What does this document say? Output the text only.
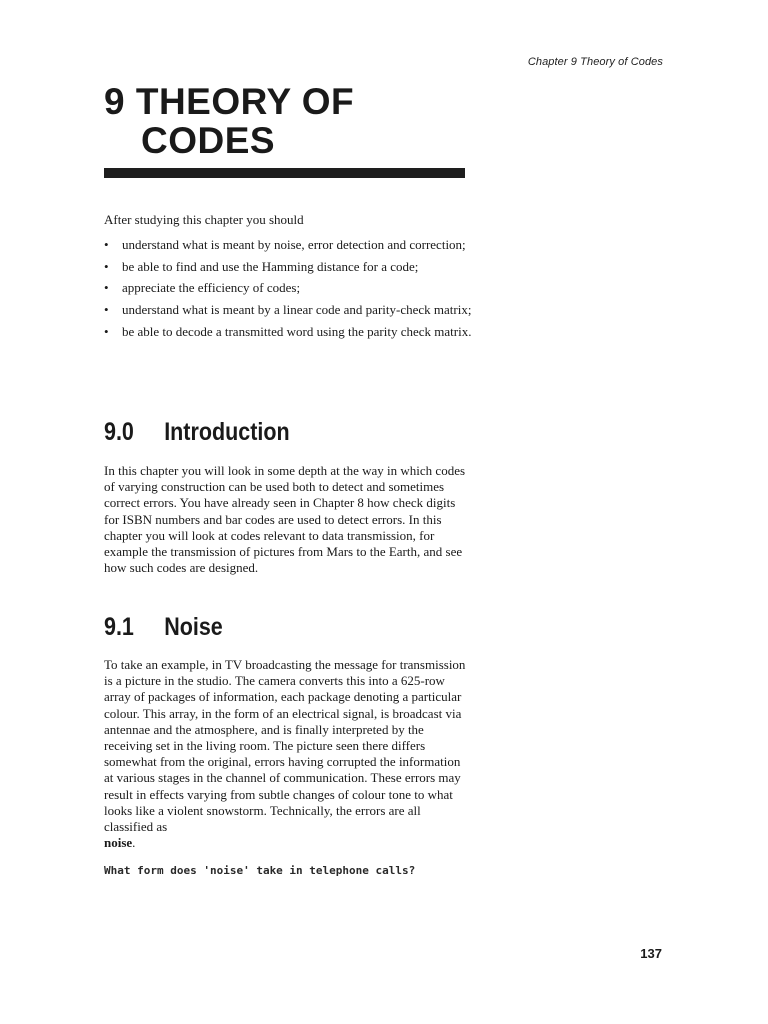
Chapter 9 Theory of Codes
9 THEORY OF
CODES

After studying this chapter you should

• understand what is meant by noise, error detection and correction;
• be able to find and use the Hamming distance for a code;
• appreciate the efficiency of codes;
• understand what is meant by a linear code and parity-check matrix;
• be able to decode a transmitted word using the parity check matrix.
9.0 Introduction

In this chapter you will look in some depth at the way in which codes of varying construction can be used both to detect and sometimes correct errors. You have already seen in Chapter 8 how check digits for ISBN numbers and bar codes are used to detect errors. In this chapter you will look at codes relevant to data transmission, for example the transmission of pictures from Mars to the Earth, and see how such codes are designed.

9.1 Noise

To take an example, in TV broadcasting the message for transmission is a picture in the studio. The camera converts this into a 625-row array of packages of information, each package denoting a particular colour. This array, in the form of an electrical signal, is broadcast via antennae and the atmosphere, and is finally interpreted by the receiving set in the living room. The picture seen there differs somewhat from the original, errors having corrupted the information at various stages in the channel of communication. These errors may result in effects varying from subtle changes of colour tone to what looks like a violent snowstorm. Technically, the errors are all classified as
noise.

What form does 'noise' take in telephone calls?

137
